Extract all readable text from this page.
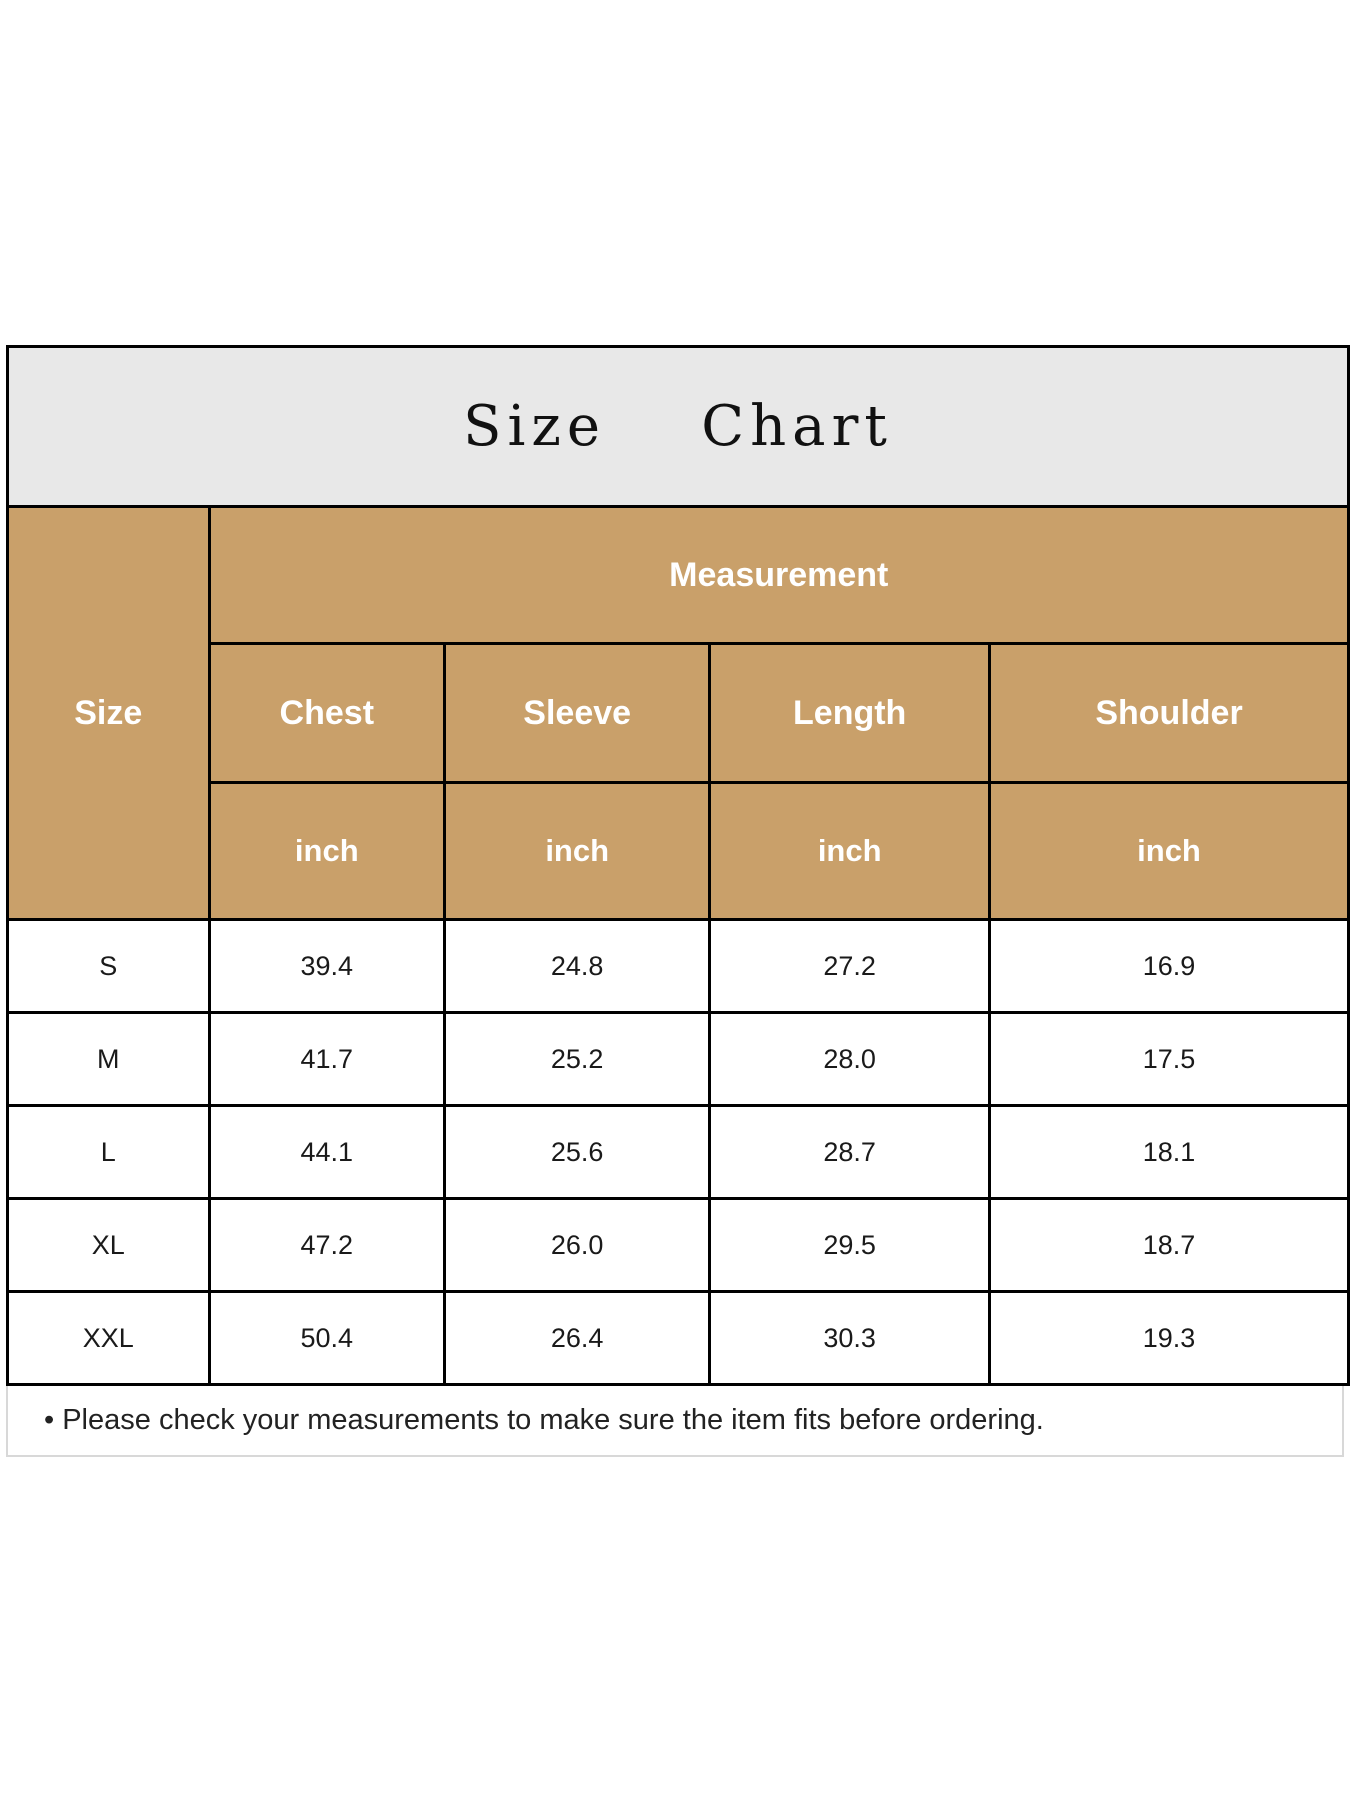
Size    Chart				
Size	Measurement			
	Chest	Sleeve	Length	Shoulder
	inch	inch	inch	inch
S	39.4	24.8	27.2	16.9
M	41.7	25.2	28.0	17.5
L	44.1	25.6	28.7	18.1
XL	47.2	26.0	29.5	18.7
XXL	50.4	26.4	30.3	19.3
• Please check your measurements to make sure the item fits before ordering.
